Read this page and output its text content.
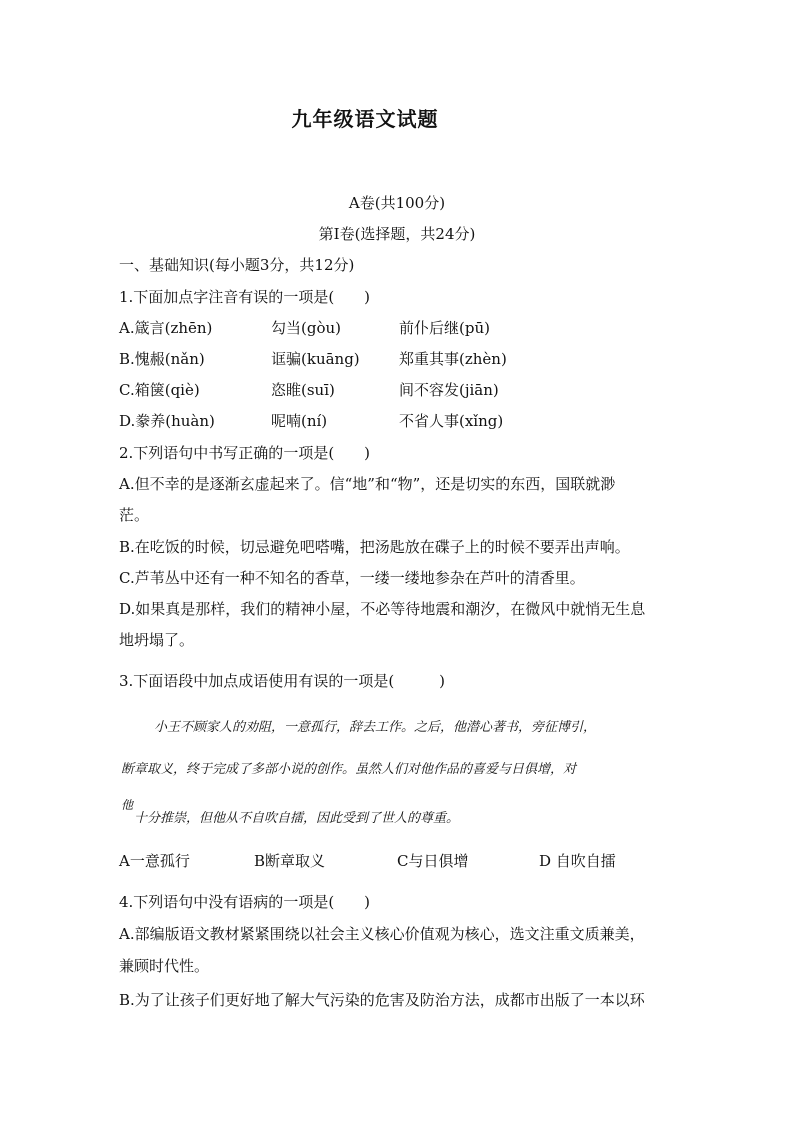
九年级语文试题
A卷(共100分)
第Ⅰ卷(选择题，共24分)
一、基础知识(每小题3分，共12分)
1.下面加点字注音有误的一项是(　　)
A.箴言(zhēn)	勾当(gòu)	前仆后继(pū)
B.愧赧(nǎn)	诓骗(kuāng)	郑重其事(zhèn)
C.箱箧(qiè)	恣睢(suī)	间不容发(jiān)
D.豢养(huàn)	呢喃(ní)	不省人事(xǐng)
2.下列语句中书写正确的一项是(　　)
A.但不幸的是逐渐玄虚起来了。信“地”和“物”，还是切实的东西，国联就渺
茫。
B.在吃饭的时候，切忌避免吧嗒嘴，把汤匙放在碟子上的时候不要弄出声响。
C.芦苇丛中还有一种不知名的香草，一缕一缕地参杂在芦叶的清香里。
D.如果真是那样，我们的精神小屋，不必等待地震和潮汐，在微风中就悄无生息
地坍塌了。
3.下面语段中加点成语使用有误的一项是(　　　)
小王不顾家人的劝阻，一意孤行，辞去工作。之后，他潜心著书，旁征博引，
断章取义，终于完成了多部小说的创作。虽然人们对他作品的喜爱与日俱增，对
他
十分推崇，但他从不自吹自擂，因此受到了世人的尊重。
A一意孤行	B断章取义	C与日俱增	D 自吹自擂
4.下列语句中没有语病的一项是(　　)
A.部编版语文教材紧紧围绕以社会主义核心价值观为核心，选文注重文质兼美，
兼顾时代性。
B.为了让孩子们更好地了解大气污染的危害及防治方法，成都市出版了一本以环
